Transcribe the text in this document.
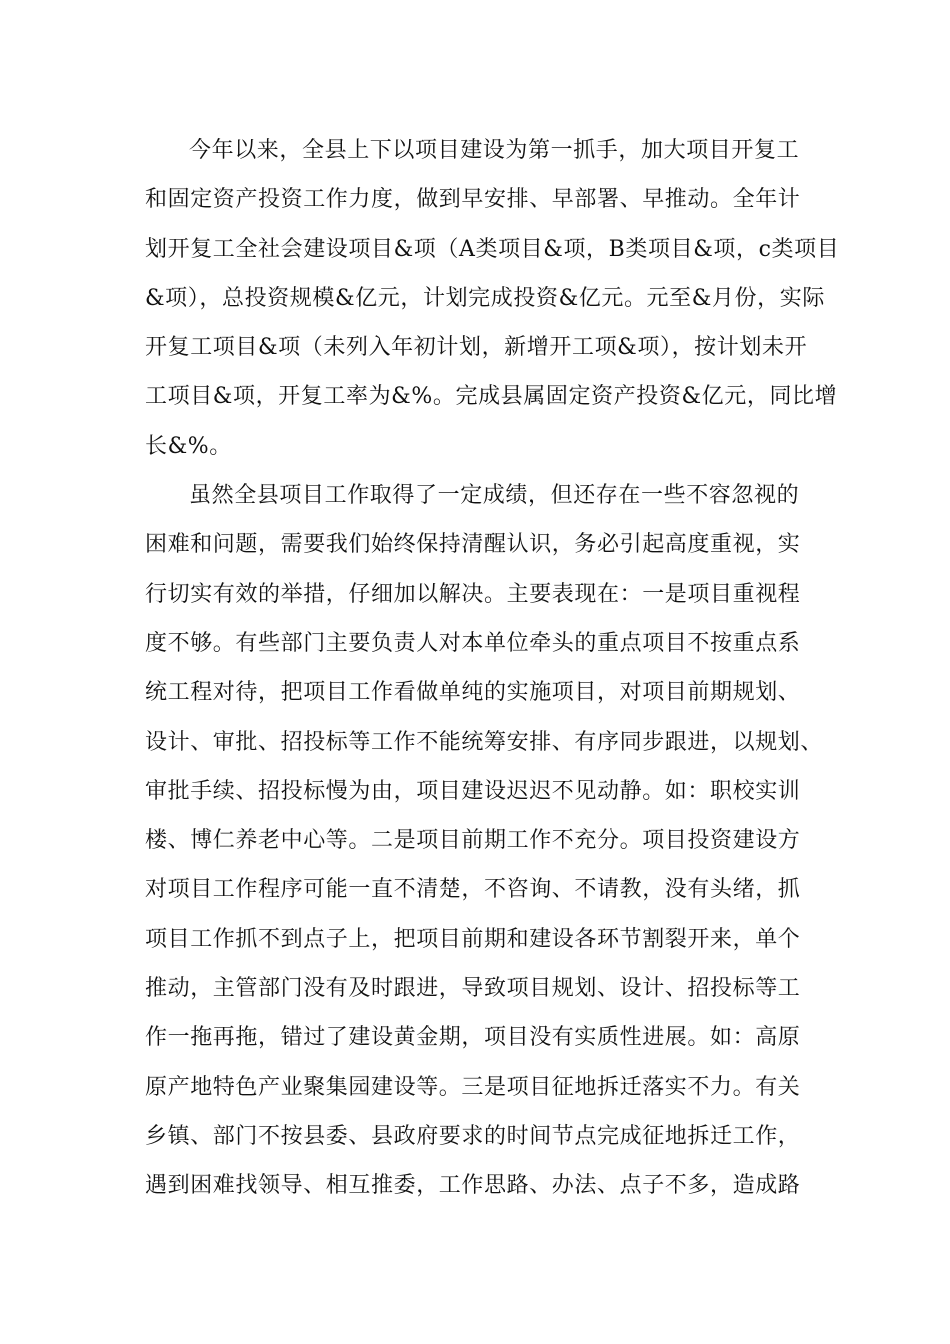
今年以来，全县上下以项目建设为第一抓手，加大项目开复工
和固定资产投资工作力度，做到早安排、早部署、早推动。全年计
划开复工全社会建设项目&项（A类项目&项，B类项目&项，c类项目
&项），总投资规模&亿元，计划完成投资&亿元。元至&月份，实际
开复工项目&项（未列入年初计划，新增开工项&项），按计划未开
工项目&项，开复工率为&%。完成县属固定资产投资&亿元，同比增
长&%。
虽然全县项目工作取得了一定成绩，但还存在一些不容忽视的
困难和问题，需要我们始终保持清醒认识，务必引起高度重视，实
行切实有效的举措，仔细加以解决。主要表现在：一是项目重视程
度不够。有些部门主要负责人对本单位牵头的重点项目不按重点系
统工程对待，把项目工作看做单纯的实施项目，对项目前期规划、
设计、审批、招投标等工作不能统筹安排、有序同步跟进，以规划、
审批手续、招投标慢为由，项目建设迟迟不见动静。如：职校实训
楼、博仁养老中心等。二是项目前期工作不充分。项目投资建设方
对项目工作程序可能一直不清楚，不咨询、不请教，没有头绪，抓
项目工作抓不到点子上，把项目前期和建设各环节割裂开来，单个
推动，主管部门没有及时跟进，导致项目规划、设计、招投标等工
作一拖再拖，错过了建设黄金期，项目没有实质性进展。如：高原
原产地特色产业聚集园建设等。三是项目征地拆迁落实不力。有关
乡镇、部门不按县委、县政府要求的时间节点完成征地拆迁工作，
遇到困难找领导、相互推委，工作思路、办法、点子不多，造成路
